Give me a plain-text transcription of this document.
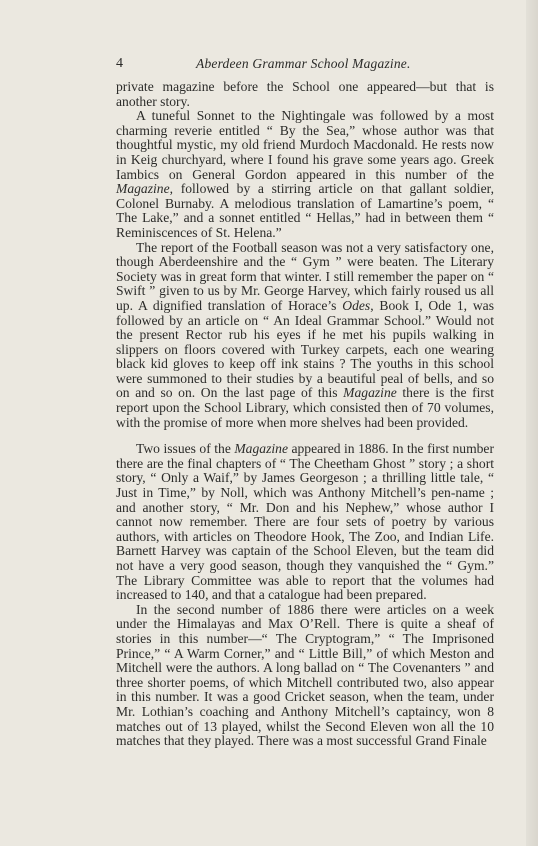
4	Aberdeen Grammar School Magazine.

private magazine before the School one appeared—but that is another story.

A tuneful Sonnet to the Nightingale was followed by a most charming reverie entitled “ By the Sea,” whose author was that thoughtful mystic, my old friend Murdoch Macdonald. He rests now in Keig churchyard, where I found his grave some years ago. Greek Iambics on General Gordon appeared in this number of the Magazine, followed by a stirring article on that gallant soldier, Colonel Burnaby. A melodious translation of Lamartine’s poem, “ The Lake,” and a sonnet entitled “ Hellas,” had in between them “ Reminiscences of St. Helena.”

The report of the Football season was not a very satisfactory one, though Aberdeenshire and the “ Gym ” were beaten. The Literary Society was in great form that winter. I still remember the paper on “ Swift ” given to us by Mr. George Harvey, which fairly roused us all up. A dignified translation of Horace’s Odes, Book I, Ode 1, was followed by an article on “ An Ideal Grammar School.” Would not the present Rector rub his eyes if he met his pupils walking in slippers on floors covered with Turkey carpets, each one wearing black kid gloves to keep off ink stains ? The youths in this school were summoned to their studies by a beautiful peal of bells, and so on and so on. On the last page of this Magazine there is the first report upon the School Library, which consisted then of 70 volumes, with the promise of more when more shelves had been provided.

Two issues of the Magazine appeared in 1886. In the first number there are the final chapters of “ The Cheetham Ghost ” story ; a short story, “ Only a Waif,” by James Georgeson ; a thrilling little tale, “ Just in Time,” by Noll, which was Anthony Mitchell’s pen-name ; and another story, “ Mr. Don and his Nephew,” whose author I cannot now remember. There are four sets of poetry by various authors, with articles on Theodore Hook, The Zoo, and Indian Life. Barnett Harvey was captain of the School Eleven, but the team did not have a very good season, though they vanquished the “ Gym.” The Library Committee was able to report that the volumes had increased to 140, and that a catalogue had been prepared.

In the second number of 1886 there were articles on a week under the Himalayas and Max O’Rell. There is quite a sheaf of stories in this number—“ The Cryptogram,” “ The Imprisoned Prince,” “ A Warm Corner,” and “ Little Bill,” of which Meston and Mitchell were the authors. A long ballad on “ The Covenanters ” and three shorter poems, of which Mitchell contributed two, also appear in this number. It was a good Cricket season, when the team, under Mr. Lothian’s coaching and Anthony Mitchell’s captaincy, won 8 matches out of 13 played, whilst the Second Eleven won all the 10 matches that they played. There was a most successful Grand Finale
